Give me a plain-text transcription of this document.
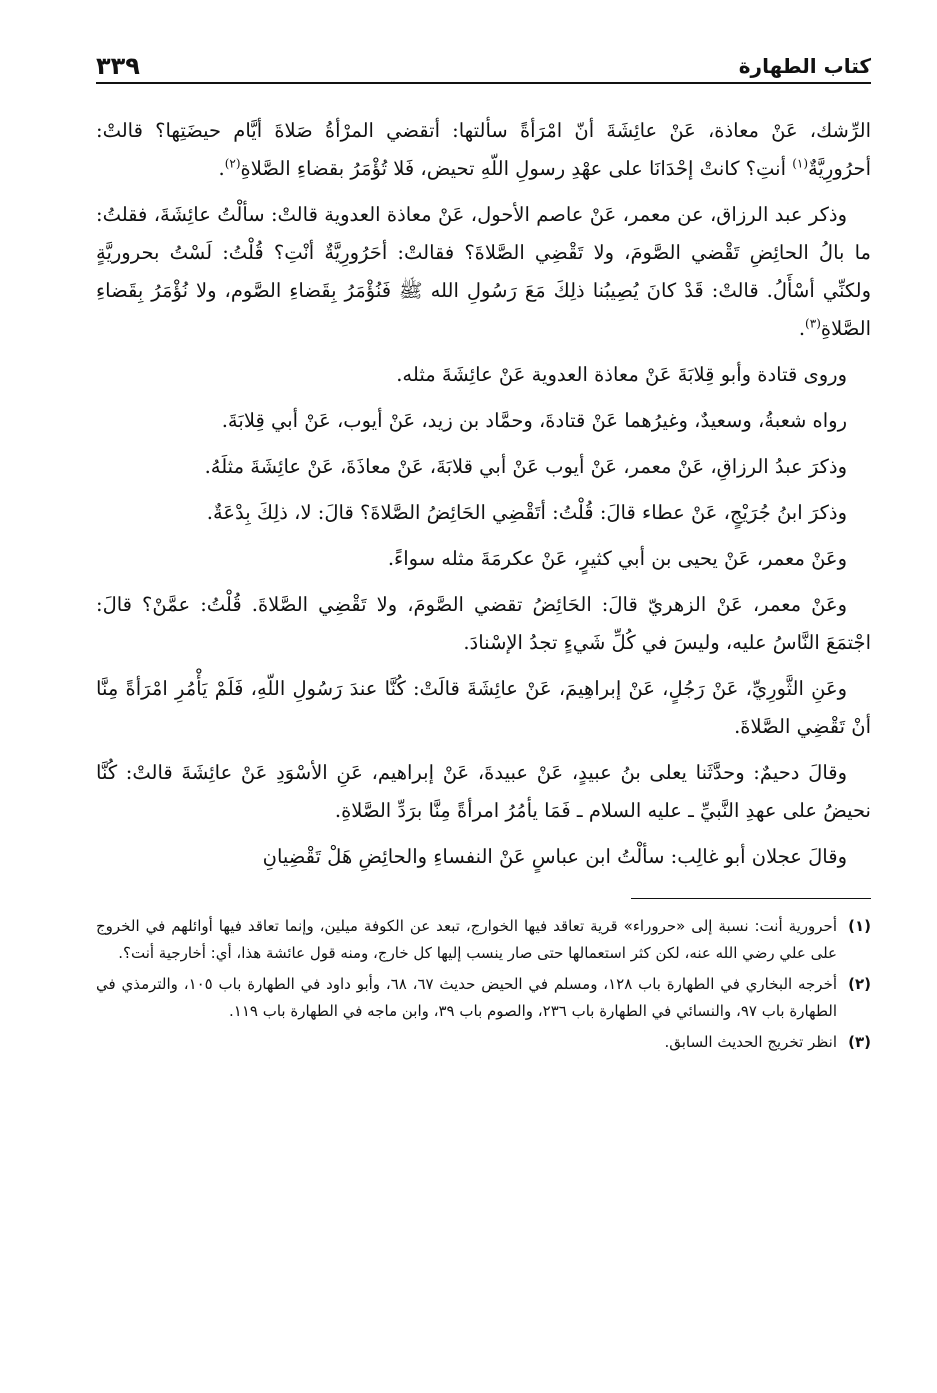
كتاب الطهارة
٣٣٩

الرِّشك، عَنْ معاذة، عَنْ عائِشَةَ أنّ امْرَأةً سألتها: أتقضي المرْأةُ صَلاةَ أيَّام حيضَتِها؟ قالتْ: أحرُورِيَّةٌ$^{(١)}$ أنتِ؟ كانتْ إحْدَانَا على عهْدِ رسولِ اللّهِ تحيض، فَلا تُؤْمَرُ بقضاءِ الصَّلاةِ$^{(٢)}$.

وذكر عبد الرزاق، عن معمر، عَنْ عاصم الأحول، عَنْ معاذة العدوية قالتْ: سألْتُ عائِشَةَ، فقلتُ: ما بالُ الحائِضِ تَقْضي الصَّومَ، ولا تَقْضِي الصَّلاةَ؟ فقالتْ: أحَرُورِيَّةٌ أنْتِ؟ قُلْتُ: لَسْتُ بحروريَّةٍ ولكنِّي أسْأَلُ. قالتْ: قَدْ كانَ يُصِيبُنا ذلِكَ مَعَ رَسُولِ الله ﷺ فَنُؤْمَرُ بِقَضاءِ الصَّوم، ولا نُؤْمَرُ بِقَضاءِ الصَّلاةِ$^{(٣)}$.

وروى قتادة وأبو قِلابَةَ عَنْ معاذة العدوية عَنْ عائِشَةَ مثله.

رواه شعبةُ، وسعيدٌ، وغيرُهما عَنْ قتادةَ، وحمَّاد بن زيد، عَنْ أيوب، عَنْ أبي قِلابَةَ.

وذكرَ عبدُ الرزاقِ، عَنْ معمر، عَنْ أيوب عَنْ أبي قلابَةَ، عَنْ معاذَةَ، عَنْ عائِشَةَ مثلَهُ.

وذكرَ ابنُ جُرَيْجٍ، عَنْ عطاء قالَ: قُلْتُ: أتَقْضِي الحَائِضُ الصَّلاةَ؟ قالَ: لا، ذلِكَ بِدْعَةٌ.

وعَنْ معمر، عَنْ يحيى بن أبي كثيرٍ، عَنْ عكرمَةَ مثله سواءً.

وعَنْ معمر، عَنْ الزهريّ قالَ: الحَائِضُ تقضي الصَّومَ، ولا تَقْضِي الصَّلاةَ. قُلْتُ: عمَّنْ؟ قالَ: اجْتمَعَ النَّاسُ عليه، وليسَ في كُلِّ شَيءٍ تجدُ الإسْنادَ.

وعَنِ الثَّورِيِّ، عَنْ رَجُلٍ، عَنْ إبراهِيمَ، عَنْ عائِشَةَ قالَتْ: كُنَّا عندَ رَسُولِ اللّهِ، فَلَمْ يَأْمُرِ امْرَأةً مِنَّا أنْ تَقْضِي الصَّلاةَ.

وقالَ دحيمٌ: وحدَّثَنا يعلى بنُ عبيدٍ، عَنْ عبيدةَ، عَنْ إبراهيم، عَنِ الأسْوَدِ عَنْ عائِشَةَ قالتْ: كُنَّا نحيضُ على عهدِ النَّبيِّ ـ عليه السلام ـ فَمَا يأمُرُ امرأةً مِنَّا برَدِّ الصَّلاةِ.

وقالَ عجلان أبو غالِب: سألْتُ ابن عباسٍ عَنْ النفساءِ والحائِضِ هَلْ تَقْضِيانِ

(١)
أحرورية أنت: نسبة إلى «حروراء» قرية تعاقد فيها الخوارج، تبعد عن الكوفة ميلين، وإنما تعاقد فيها أوائلهم في الخروج على علي رضي الله عنه، لكن كثر استعمالها حتى صار ينسب إليها كل خارج، ومنه قول عائشة هذا، أي: أخارجية أنت؟.
(٢)
أخرجه البخاري في الطهارة باب ١٢٨، ومسلم في الحيض حديث ٦٧، ٦٨، وأبو داود في الطهارة باب ١٠٥، والترمذي في الطهارة باب ٩٧، والنسائي في الطهارة باب ٢٣٦، والصوم باب ٣٩، وابن ماجه في الطهارة باب ١١٩.
(٣)
انظر تخريج الحديث السابق.
